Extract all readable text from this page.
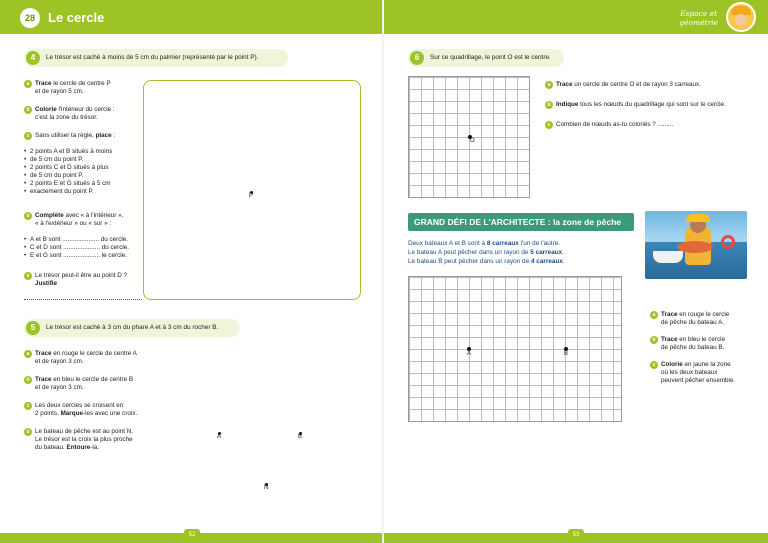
28	Le cercle
4	Le trésor est caché à moins de 5 cm du palmier (représenté par le point P).
a Trace le cercle de centre P
et de rayon 5 cm.
b Colorie l'intérieur du cercle :
c'est la zone du trésor.
c Sans utiliser ta règle, place :
• 2 points A et B situés à moins
• de 5 cm du point P.
• 2 points C et D situés à plus
• de 5 cm du point P.
• 2 points E et G situés à 5 cm
• exactement du point P.
d Complète avec « à l'intérieur »,
« à l'extérieur » ou « sur » :
• A et B sont ..................... du cercle.
• C et D sont ..................... du cercle.
• E et G sont ..................... le cercle.
e Le trésor peut-il être au point D ?
Justifie
P
5	Le trésor est caché à 3 cm du phare A et à 3 cm du rocher B.
a Trace en rouge le cercle de centre A
et de rayon 3 cm.
b Trace en bleu le cercle de centre B
et de rayon 3 cm.
c Les deux cercles se croisent en
2 points. Marque-les avec une croix.
d Le bateau de pêche est au point N.
Le trésor est la croix la plus proche
du bateau. Entoure-la.
A	B
N
52
Espace et
géométrie
6	Sur ce quadrillage, le point O est le centre.
O
a Trace un cercle de centre O et de rayon 3 carreaux.
b Indique tous les nœuds du quadrillage qui sont sur le cercle.
c Combien de nœuds as-tu coloriés ? .........
GRAND DÉFI DE L'ARCHITECTE : la zone de pêche
Deux bateaux A et B sont à 8 carreaux l'un de l'autre.
Le bateau A peut pêcher dans un rayon de 5 carreaux.
Le bateau B peut pêcher dans un rayon de 4 carreaux.
A	B
a Trace en rouge le cercle
de pêche du bateau A.
b Trace en bleu le cercle
de pêche du bateau B.
c Colorie en jaune la zone
où les deux bateaux
peuvent pêcher ensemble.
53
